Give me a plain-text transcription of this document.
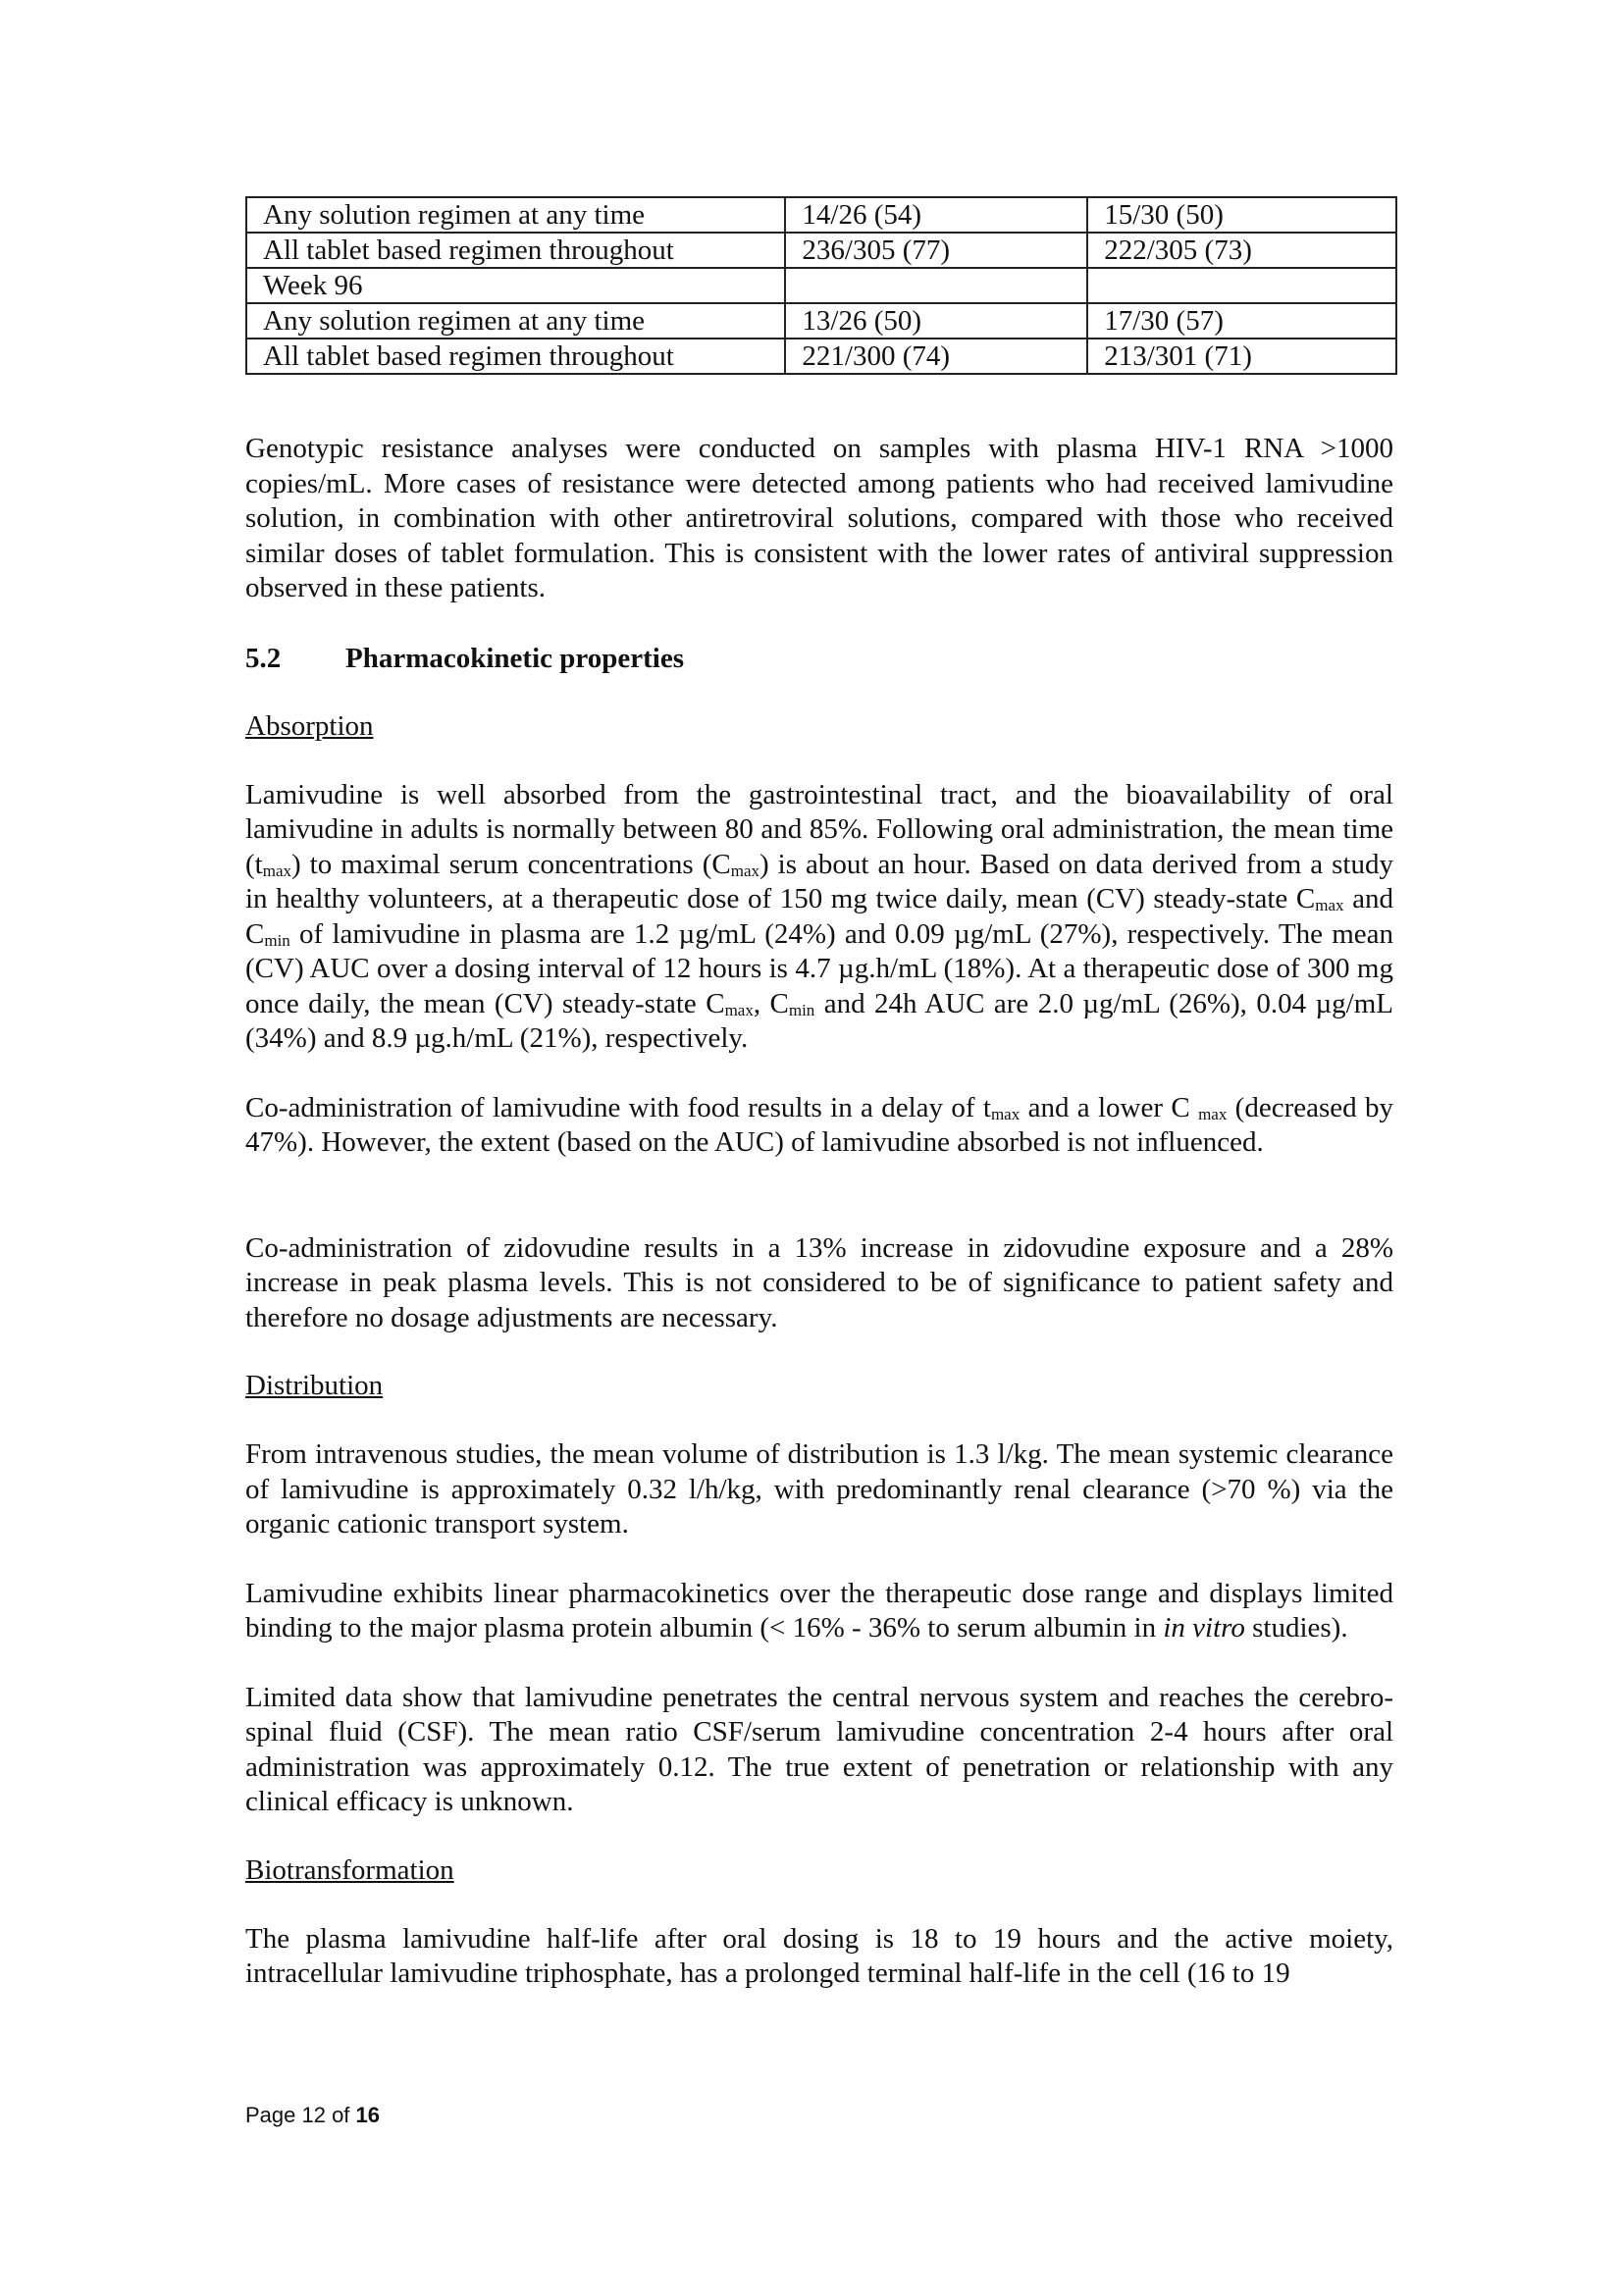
Any solution regimen at any time	14/26 (54)	15/30 (50)
All tablet based regimen throughout	236/305 (77)	222/305 (73)
Week 96		
Any solution regimen at any time	13/26 (50)	17/30 (57)
All tablet based regimen throughout	221/300 (74)	213/301 (71)

Genotypic resistance analyses were conducted on samples with plasma HIV-1 RNA >1000 copies/mL. More cases of resistance were detected among patients who had received lamivudine solution, in combination with other antiretroviral solutions, compared with those who received similar doses of tablet formulation. This is consistent with the lower rates of antiviral suppression observed in these patients.

5.2	Pharmacokinetic properties

Absorption

Lamivudine is well absorbed from the gastrointestinal tract, and the bioavailability of oral lamivudine in adults is normally between 80 and 85%. Following oral administration, the mean time $(t_{max})$ to maximal serum concentrations $(C_{max})$ is about an hour. Based on data derived from a study in healthy volunteers, at a therapeutic dose of 150 mg twice daily, mean (CV) steady-state $C_{max}$ and $C_{min}$ of lamivudine in plasma are 1.2 µg/mL (24%) and 0.09 µg/mL (27%), respectively. The mean (CV) AUC over a dosing interval of 12 hours is 4.7 µg.h/mL (18%). At a therapeutic dose of 300 mg once daily, the mean (CV) steady-state $C_{max}$, $C_{min}$ and 24h AUC are 2.0 µg/mL (26%), 0.04 µg/mL (34%) and 8.9 µg.h/mL (21%), respectively.

Co-administration of lamivudine with food results in a delay of $t_{max}$ and a lower C $_{max}$ (decreased by 47%). However, the extent (based on the AUC) of lamivudine absorbed is not influenced.

Co-administration of zidovudine results in a 13% increase in zidovudine exposure and a 28% increase in peak plasma levels. This is not considered to be of significance to patient safety and therefore no dosage adjustments are necessary.

Distribution

From intravenous studies, the mean volume of distribution is 1.3 l/kg. The mean systemic clearance of lamivudine is approximately 0.32 l/h/kg, with predominantly renal clearance (>70 %) via the organic cationic transport system.

Lamivudine exhibits linear pharmacokinetics over the therapeutic dose range and displays limited binding to the major plasma protein albumin (< 16% - 36% to serum albumin in in vitro studies).

Limited data show that lamivudine penetrates the central nervous system and reaches the cerebro-spinal fluid (CSF). The mean ratio CSF/serum lamivudine concentration 2-4 hours after oral administration was approximately 0.12. The true extent of penetration or relationship with any clinical efficacy is unknown.

Biotransformation

The plasma lamivudine half-life after oral dosing is 18 to 19 hours and the active moiety, intracellular lamivudine triphosphate, has a prolonged terminal half-life in the cell (16 to 19

Page 12 of 16
